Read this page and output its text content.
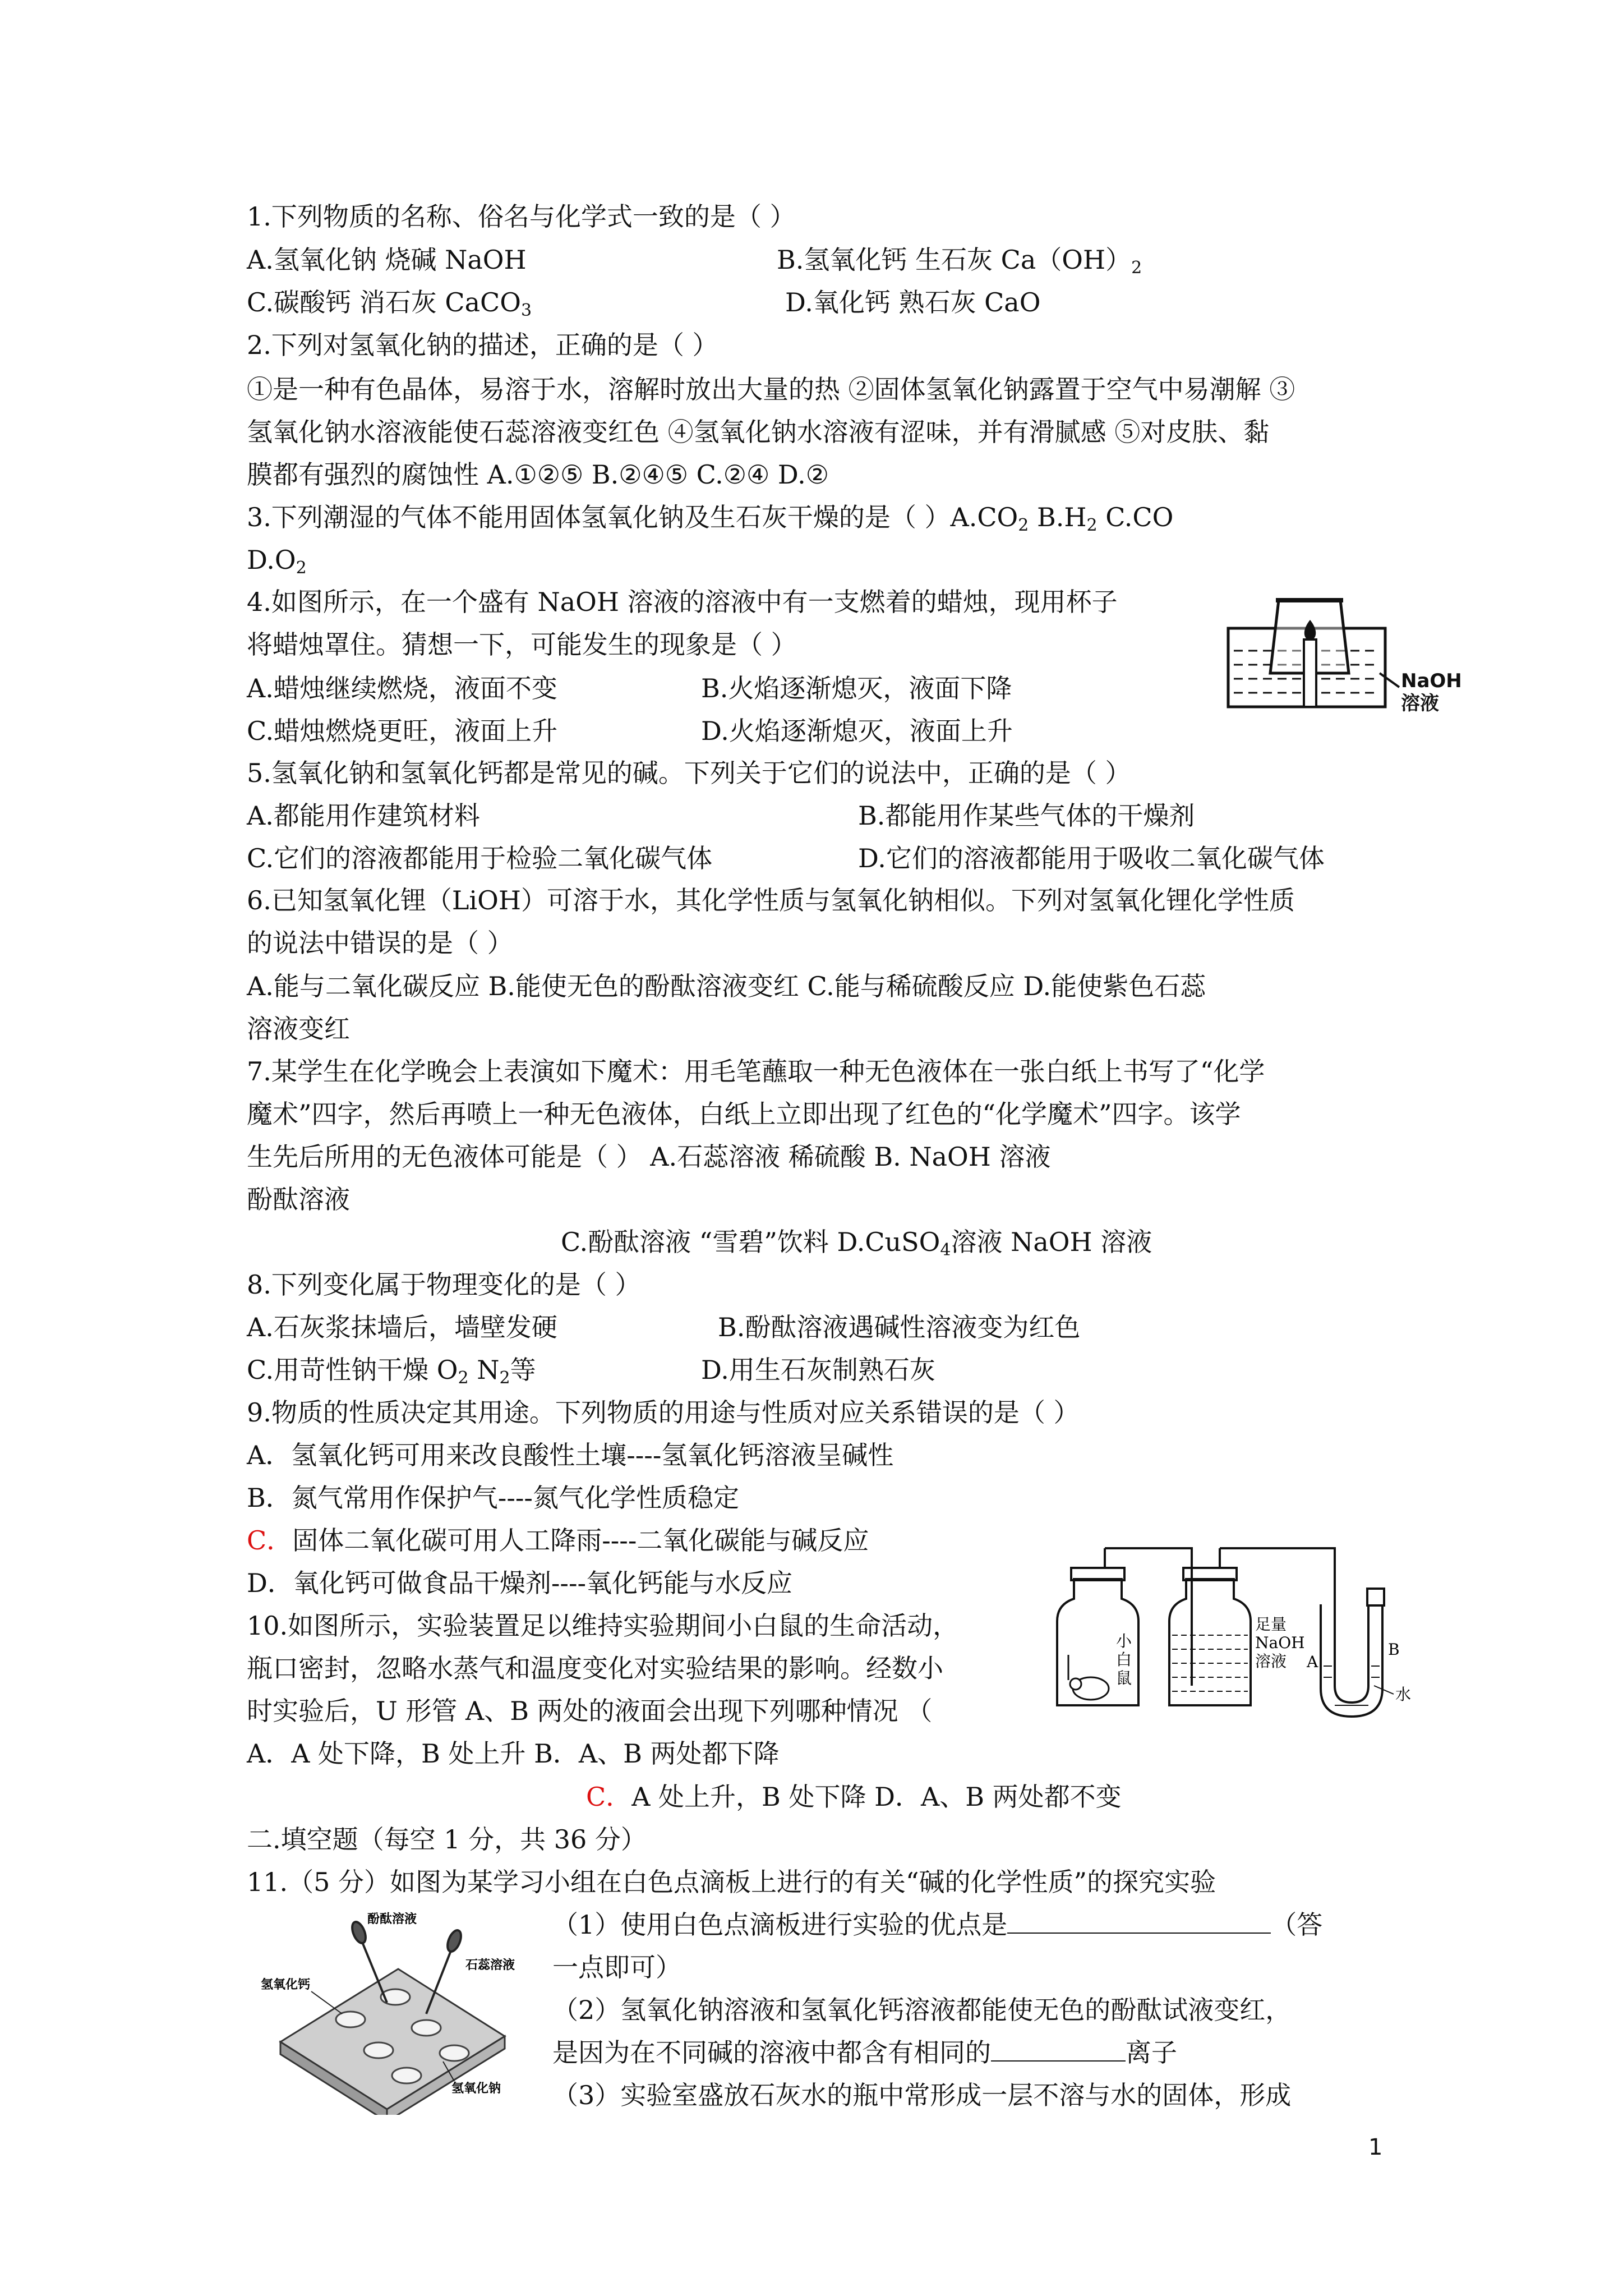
1.下列物质的名称、俗名与化学式一致的是（ ）
A.氢氧化钠 烧碱 NaOH	B.氢氧化钙 生石灰 $Ca(OH)_2$
C.碳酸钙 消石灰 CaCO$_3$	D.氧化钙 熟石灰 CaO
2.下列对氢氧化钠的描述，正确的是（ ）
①是一种有色晶体，易溶于水，溶解时放出大量的热 ②固体氢氧化钠露置于空气中易潮解 ③
氢氧化钠水溶液能使石蕊溶液变红色 ④氢氧化钠水溶液有涩味，并有滑腻感 ⑤对皮肤、黏
膜都有强烈的腐蚀性 A.①②⑤ B.②④⑤ C.②④ D.②
3.下列潮湿的气体不能用固体氢氧化钠及生石灰干燥的是（ ）$A.CO_2$ $B.H_2$ C.CO
$D.O_2$
4.如图所示，在一个盛有 NaOH 溶液的溶液中有一支燃着的蜡烛，现用杯子
将蜡烛罩住。猜想一下，可能发生的现象是（ ）
A.蜡烛继续燃烧，液面不变	B.火焰逐渐熄灭，液面下降
C.蜡烛燃烧更旺，液面上升	D.火焰逐渐熄灭，液面上升
5.氢氧化钠和氢氧化钙都是常见的碱。下列关于它们的说法中，正确的是（ ）
A.都能用作建筑材料	B.都能用作某些气体的干燥剂
C.它们的溶液都能用于检验二氧化碳气体	D.它们的溶液都能用于吸收二氧化碳气体
6.已知氢氧化锂（LiOH）可溶于水，其化学性质与氢氧化钠相似。下列对氢氧化锂化学性质
的说法中错误的是（ ）
A.能与二氧化碳反应 B.能使无色的酚酞溶液变红 C.能与稀硫酸反应 D.能使紫色石蕊
溶液变红
7.某学生在化学晚会上表演如下魔术：用毛笔蘸取一种无色液体在一张白纸上书写了“化学
魔术”四字，然后再喷上一种无色液体，白纸上立即出现了红色的“化学魔术”四字。该学
生先后所用的无色液体可能是（ ） A.石蕊溶液 稀硫酸 B. NaOH 溶液
酚酞溶液
C.酚酞溶液 “雪碧”饮料 D.CuSO$_4$溶液 NaOH 溶液
8.下列变化属于物理变化的是（ ）
A.石灰浆抹墙后，墙壁发硬	B.酚酞溶液遇碱性溶液变为红色
C.用苛性钠干燥 $O_2$ $N_2$等	D.用生石灰制熟石灰
9.物质的性质决定其用途。下列物质的用途与性质对应关系错误的是（ ）
A．氢氧化钙可用来改良酸性土壤----氢氧化钙溶液呈碱性
B．氮气常用作保护气----氮气化学性质稳定
C．固体二氧化碳可用人工降雨----二氧化碳能与碱反应
D．氧化钙可做食品干燥剂----氧化钙能与水反应
10.如图所示，实验装置足以维持实验期间小白鼠的生命活动，
瓶口密封，忽略水蒸气和温度变化对实验结果的影响。经数小
时实验后，U 形管 A、B 两处的液面会出现下列哪种情况 （
A．A 处下降，B 处上升 B．A、B 两处都下降
C．A 处上升，B 处下降 D．A、B 两处都不变
二.填空题（每空 1 分，共 36 分）
11.（5 分）如图为某学习小组在白色点滴板上进行的有关“碱的化学性质”的探究实验
（1）使用白色点滴板进行实验的优点是	（答
一点即可）
（2）氢氧化钠溶液和氢氧化钙溶液都能使无色的酚酞试液变红，
是因为在不同碱的溶液中都含有相同的	离子
（3）实验室盛放石灰水的瓶中常形成一层不溶与水的固体，形成
NaOH
溶液
小
白
鼠
足量
NaOH
溶液 A
B
水
酚酞溶液
石蕊溶液
氢氧化钙
氢氧化钠
1
